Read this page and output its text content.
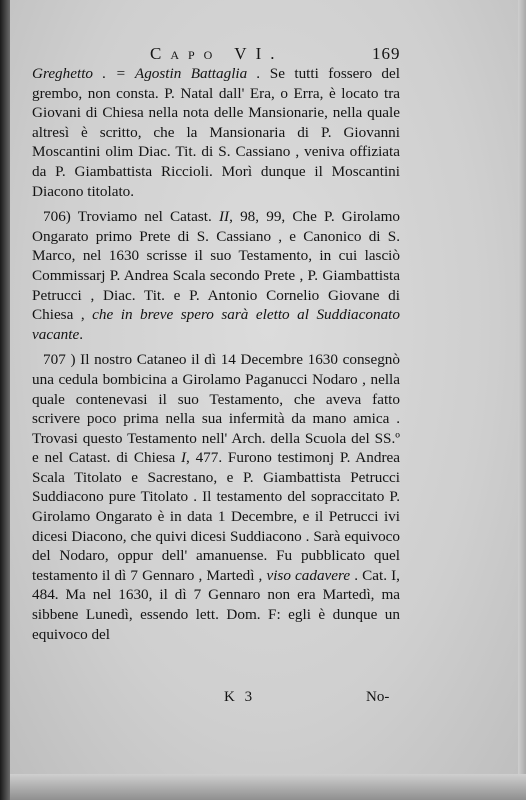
Capo VI.	169

Greghetto . = Agostin Battaglia . Se tutti fossero del grembo, non consta. P. Natal dall' Era, o Erra, è locato tra Giovani di Chiesa nella nota delle Mansionarie, nella quale altresì è scritto, che la Mansionaria di P. Giovanni Moscantini olim Diac. Tit. di S. Cassiano , veniva offiziata da P. Giambattista Riccioli. Morì dunque il Moscantini Diacono titolato.

706) Troviamo nel Catast. II, 98, 99, Che P. Girolamo Ongarato primo Prete di S. Cassiano , e Canonico di S. Marco, nel 1630 scrisse il suo Testamento, in cui lasciò Commissarj P. Andrea Scala secondo Prete , P. Giambattista Petrucci , Diac. Tit. e P. Antonio Cornelio Giovane di Chiesa , che in breve spero sarà eletto al Suddiaconato vacante.

707 ) Il nostro Cataneo il dì 14 Decembre 1630 consegnò una cedula bombicina a Girolamo Paganucci Nodaro , nella quale contenevasi il suo Testamento, che aveva fatto scrivere poco prima nella sua infermità da mano amica . Trovasi questo Testamento nell' Arch. della Scuola del SS.º e nel Catast. di Chiesa I, 477. Furono testimonj P. Andrea Scala Titolato e Sacrestano, e P. Giambattista Petrucci Suddiacono pure Titolato . Il testamento del sopraccitato P. Girolamo Ongarato è in data 1 Decembre, e il Petrucci ivi dicesi Diacono, che quivi dicesi Suddiacono . Sarà equivoco del Nodaro, oppur dell' amanuense. Fu pubblicato quel testamento il dì 7 Gennaro , Martedì , viso cadavere . Cat. I, 484. Ma nel 1630, il dì 7 Gennaro non era Martedì, ma sibbene Lunedì, essendo lett. Dom. F: egli è dunque un equivoco del

K 3	No-
